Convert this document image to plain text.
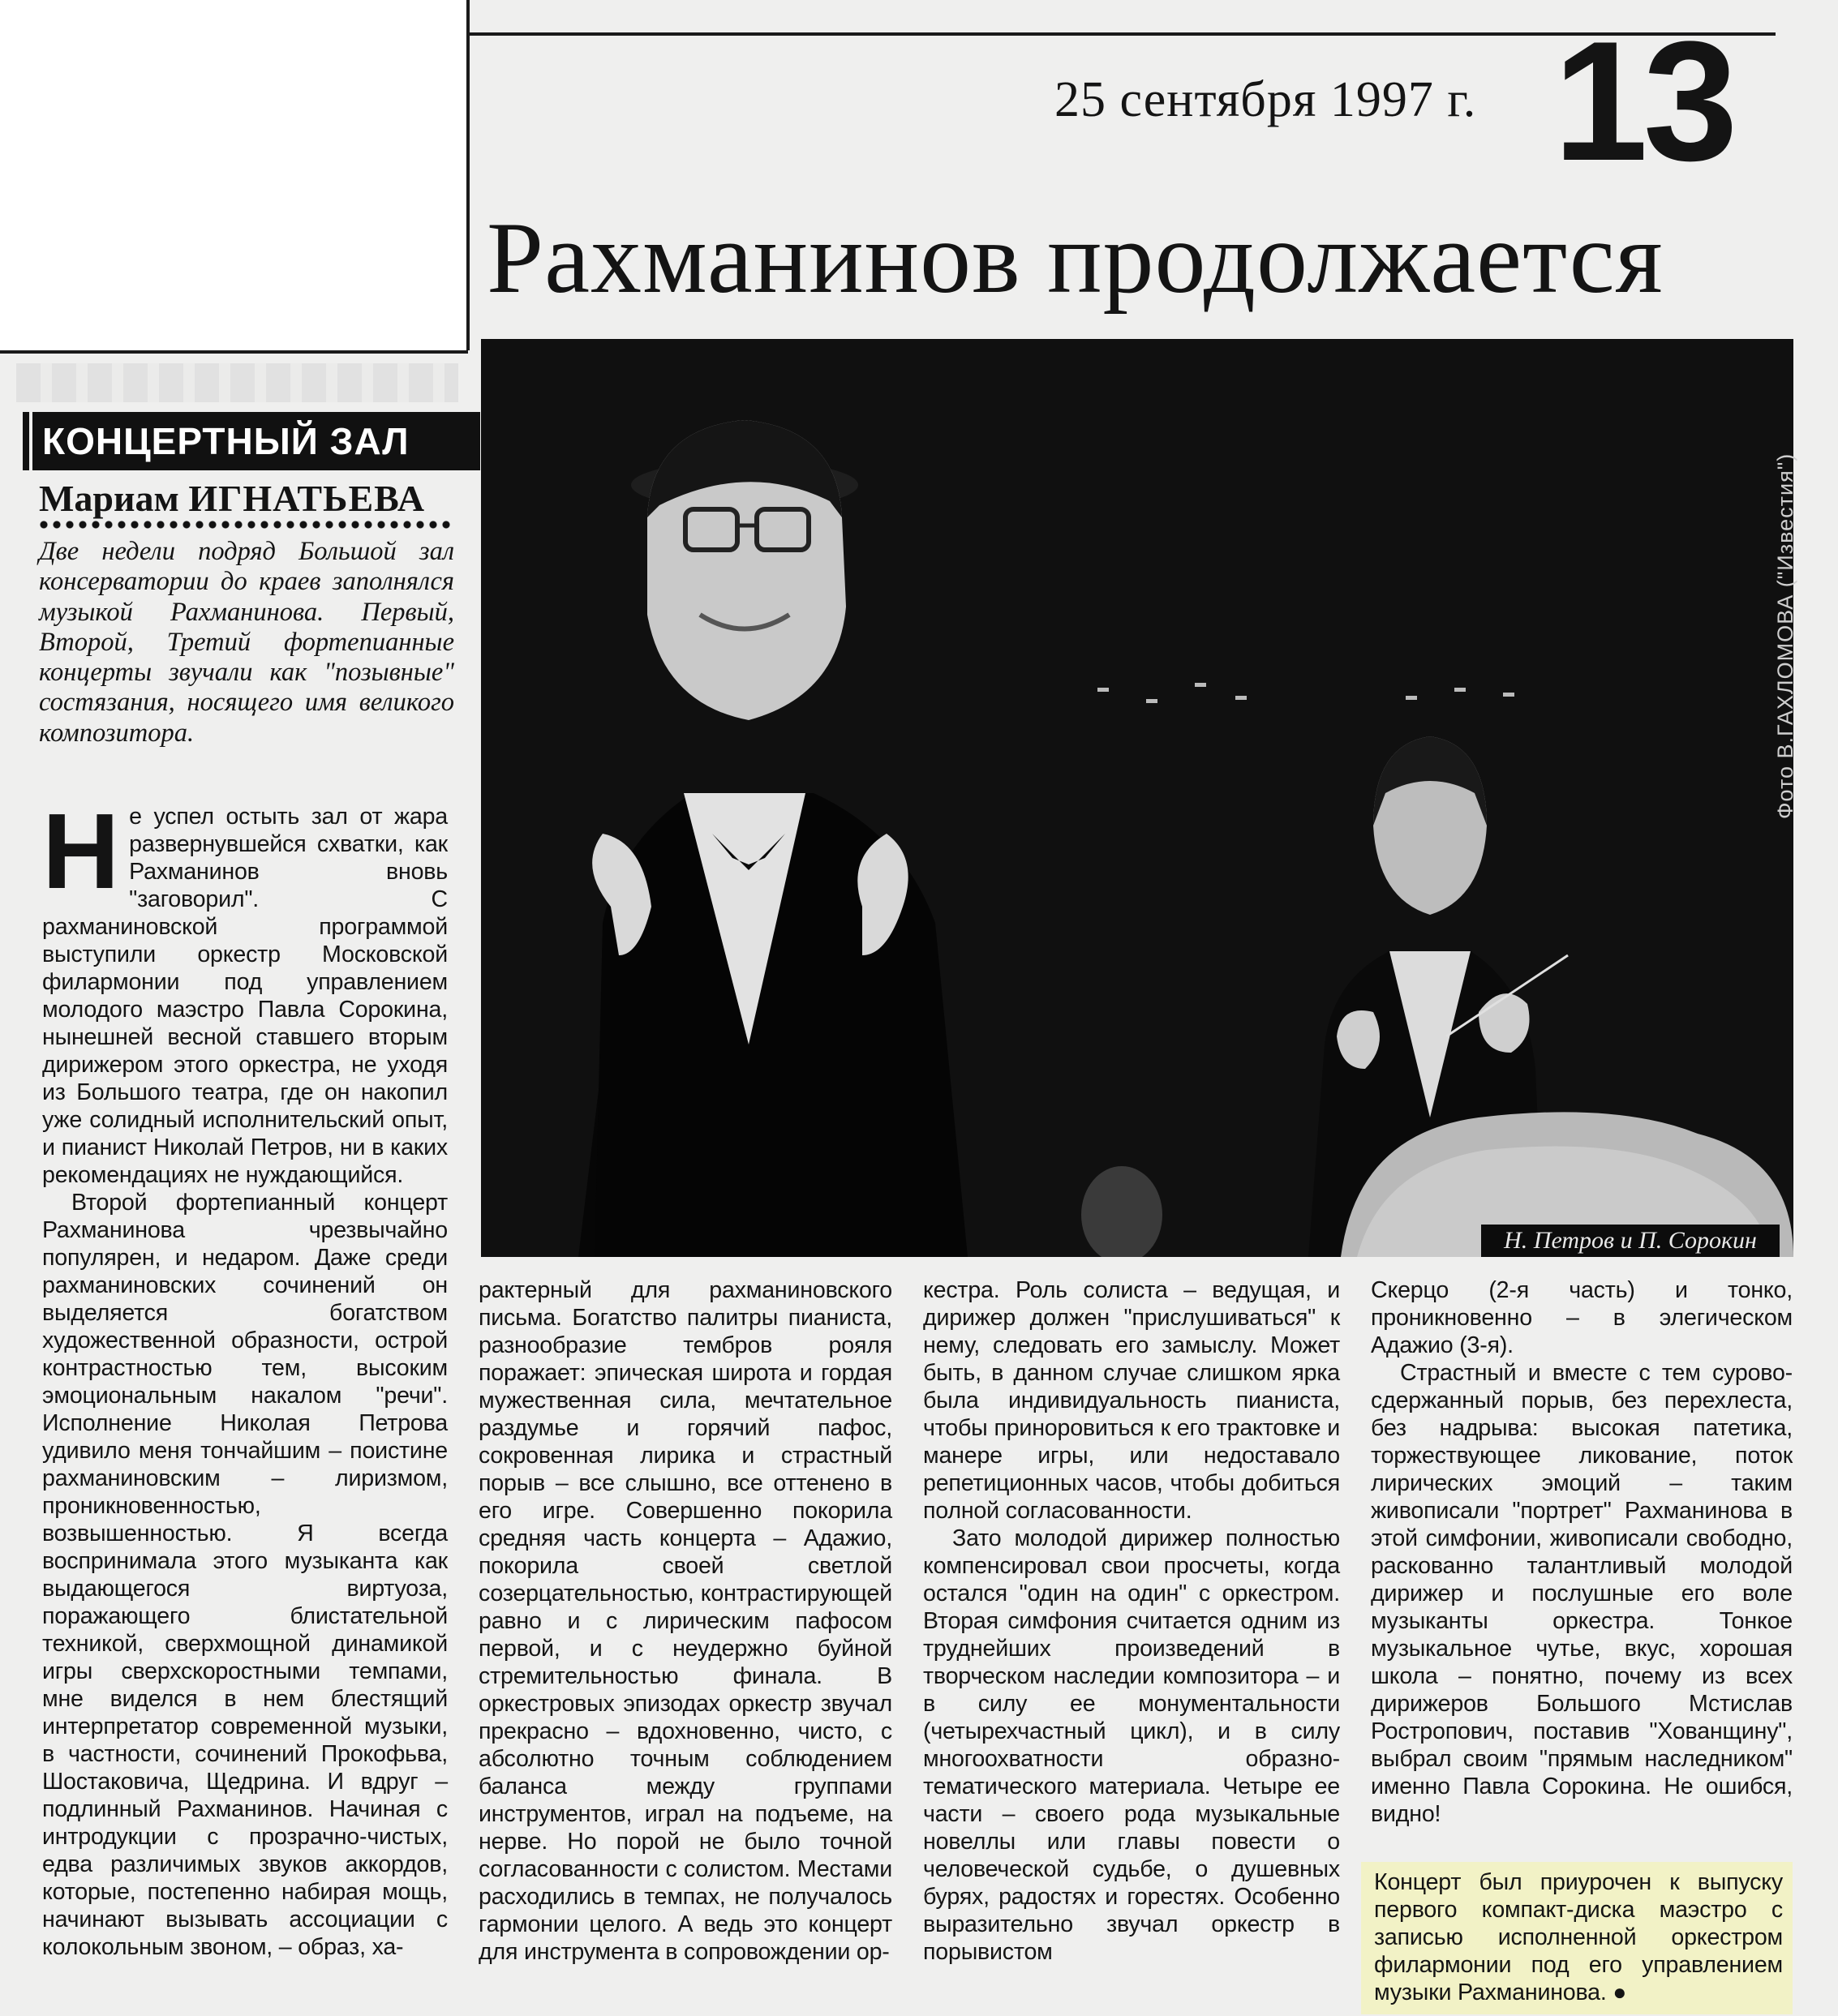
25 сентября 1997 г. 13
Рахманинов продолжается
КОНЦЕРТНЫЙ ЗАЛ
Мариам ИГНАТЬЕВА
Две недели подряд Большой зал консерватории до краев заполнялся музыкой Рахманинова. Первый, Второй, Третий фортепианные концерты звучали как "позывные" состязания, носящего имя великого композитора.

Не успел остыть зал от жара развернувшейся схватки, как Рахманинов вновь "заговорил". С рахманиновской программой выступили оркестр Московской филармонии под управлением молодого маэстро Павла Сорокина, нынешней весной ставшего вторым дирижером этого оркестра, не уходя из Большого театра, где он накопил уже солидный исполнительский опыт, и пианист Николай Петров, ни в каких рекомендациях не нуждающийся.

Второй фортепианный концерт Рахманинова чрезвычайно популярен, и недаром. Даже среди рахманиновских сочинений он выделяется богатством художественной образности, острой контрастностью тем, высоким эмоциональным накалом "речи". Исполнение Николая Петрова удивило меня тончайшим – поистине рахманиновским – лиризмом, проникновенностью, возвышенностью. Я всегда воспринимала этого музыканта как выдающегося виртуоза, поражающего блистательной техникой, сверхмощной динамикой игры сверхскоростными темпами, мне виделся в нем блестящий интерпретатор современной музыки, в частности, сочинений Прокофьва, Шостаковича, Щедрина. И вдруг – подлинный Рахманинов. Начиная с интродукции с прозрачно-чистых, едва различимых звуков аккордов, которые, постепенно набирая мощь, начинают вызывать ассоциации с колокольным звоном, – образ, ха-

рактерный для рахманиновского письма. Богатство палитры пианиста, разнообразие тембров рояля поражает: эпическая широта и гордая мужественная сила, мечтательное раздумье и горячий пафос, сокровенная лирика и страстный порыв – все слышно, все оттенено в его игре. Совершенно покорила средняя часть концерта – Адажио, покорила своей светлой созерцательностью, контрастирующей равно и с лирическим пафосом первой, и с неудержно буйной стремительностью финала. В оркестровых эпизодах оркестр звучал прекрасно – вдохновенно, чисто, с абсолютно точным соблюдением баланса между группами инструментов, играл на подъеме, на нерве. Но порой не было точной согласованности с солистом. Местами расходились в темпах, не получалось гармонии целого. А ведь это концерт для инструмента в сопровождении ор-

кестра. Роль солиста – ведущая, и дирижер должен "прислушиваться" к нему, следовать его замыслу. Может быть, в данном случае слишком ярка была индивидуальность пианиста, чтобы приноровиться к его трактовке и манере игры, или недоставало репетиционных часов, чтобы добиться полной согласованности.

Зато молодой дирижер полностью компенсировал свои просчеты, когда остался "один на один" с оркестром. Вторая симфония считается одним из труднейших произведений в творческом наследии композитора – и в силу ее монументальности (четырехчастный цикл), и в силу многоохватности образно-тематического материала. Четыре ее части – своего рода музыкальные новеллы или главы повести о человеческой судьбе, о душевных бурях, радостях и горестях. Особенно выразительно звучал оркестр в порывистом

Скерцо (2-я часть) и тонко, проникновенно – в элегическом Адажио (3-я).

Страстный и вместе с тем сурово-сдержанный порыв, без перехлеста, без надрыва: высокая патетика, торжествующее ликование, поток лирических эмоций – таким живописали "портрет" Рахманинова в этой симфонии, живописали свободно, раскованно талантливый молодой дирижер и послушные его воле музыканты оркестра. Тонкое музыкальное чутье, вкус, хорошая школа – понятно, почему из всех дирижеров Большого Мстислав Ростропович, поставив "Хованщину", выбрал своим "прямым наследником" именно Павла Сорокина. Не ошибся, видно!

Концерт был приурочен к выпуску первого компакт-диска маэстро с записью исполненной оркестром филармонии под его управлением музыки Рахманинова. ●
Фото В.ГАХЛОМОВА ("Известия")
Н. Петров и П. Сорокин
